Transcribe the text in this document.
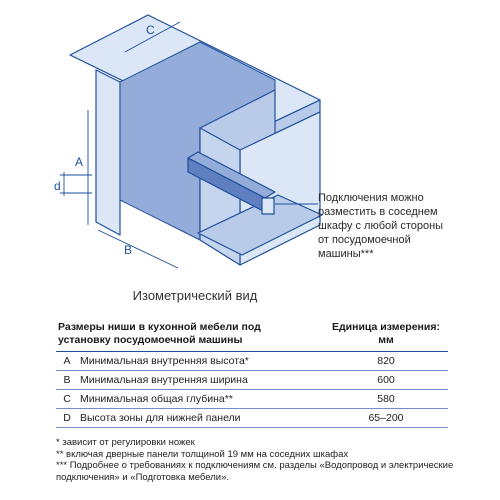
C
A
B
d
Подключения можно
разместить в соседнем
шкафу с любой стороны
от посудомоечной
машины***
Изометрический вид
Размеры ниши в кухонной мебели под
установку посудомоечной машины		Единица измерения:
мм
A	Минимальная внутренняя высота*	820
B	Минимальная внутренняя ширина	600
C	Минимальная общая глубина**	580
D	Высота зоны для нижней панели	65–200

* зависит от регулировки ножек

** включая дверные панели толщиной 19 мм на соседних шкафах

*** Подробнее о требованиях к подключениям см. разделы «Водопровод и электрические

подключения» и «Подготовка мебели».
